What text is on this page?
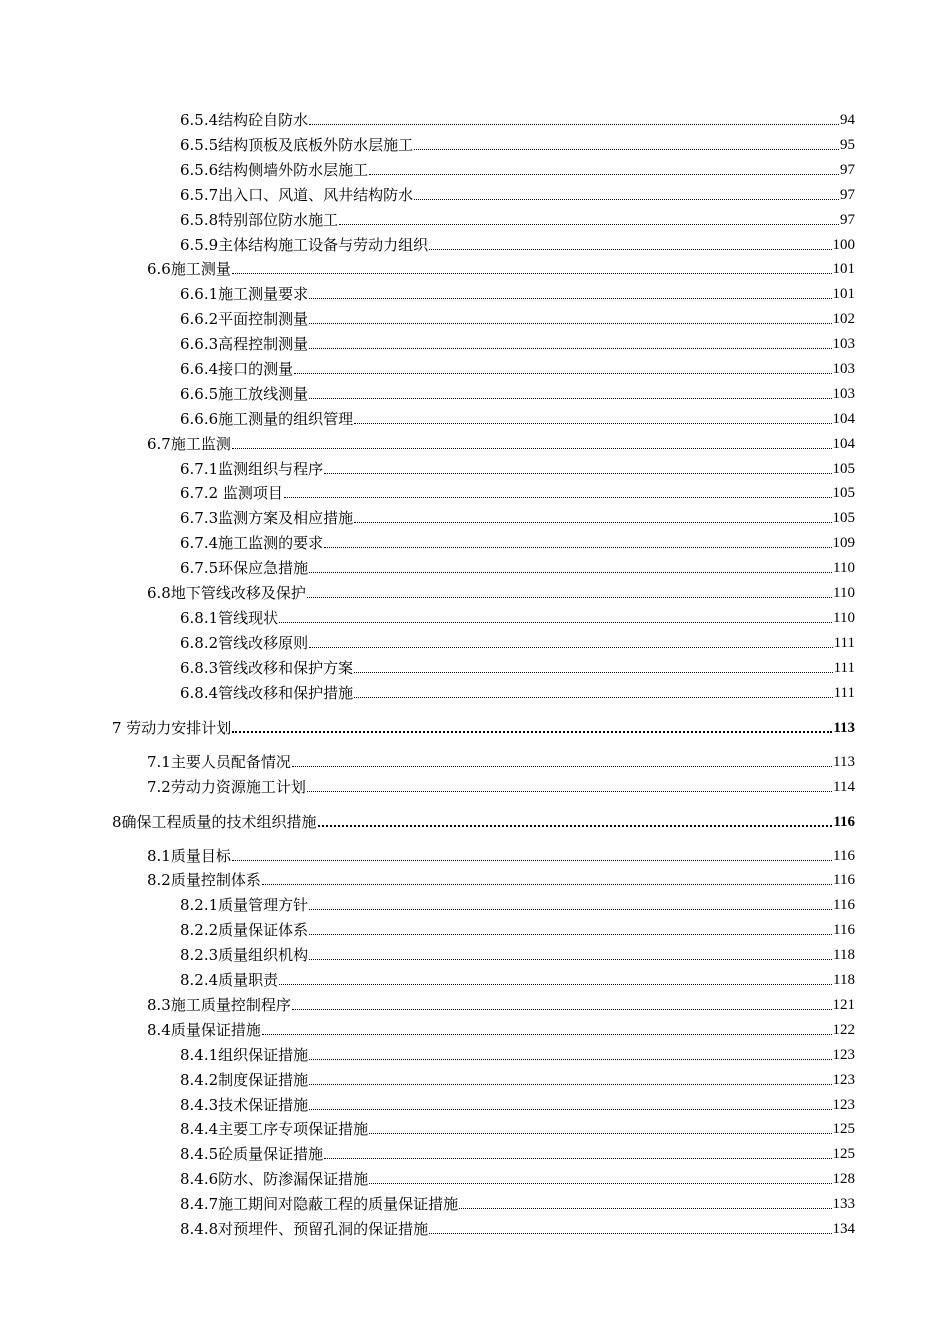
6.5.4结构砼自防水	94
6.5.5结构顶板及底板外防水层施工	95
6.5.6结构侧墙外防水层施工	97
6.5.7出入口、风道、风井结构防水	97
6.5.8特别部位防水施工	97
6.5.9主体结构施工设备与劳动力组织	100
6.6施工测量	101
6.6.1施工测量要求	101
6.6.2平面控制测量	102
6.6.3高程控制测量	103
6.6.4接口的测量	103
6.6.5施工放线测量	103
6.6.6施工测量的组织管理	104
6.7施工监测	104
6.7.1监测组织与程序	105
6.7.2 监测项目	105
6.7.3监测方案及相应措施	105
6.7.4施工监测的要求	109
6.7.5环保应急措施	110
6.8地下管线改移及保护	110
6.8.1管线现状	110
6.8.2管线改移原则	111
6.8.3管线改移和保护方案	111
6.8.4管线改移和保护措施	111
7 劳动力安排计划	113
7.1主要人员配备情况	113
7.2劳动力资源施工计划	114
8确保工程质量的技术组织措施	116
8.1质量目标	116
8.2质量控制体系	116
8.2.1质量管理方针	116
8.2.2质量保证体系	116
8.2.3质量组织机构	118
8.2.4质量职责	118
8.3施工质量控制程序	121
8.4质量保证措施	122
8.4.1组织保证措施	123
8.4.2制度保证措施	123
8.4.3技术保证措施	123
8.4.4主要工序专项保证措施	125
8.4.5砼质量保证措施	125
8.4.6防水、防渗漏保证措施	128
8.4.7施工期间对隐蔽工程的质量保证措施	133
8.4.8对预埋件、预留孔洞的保证措施	134
